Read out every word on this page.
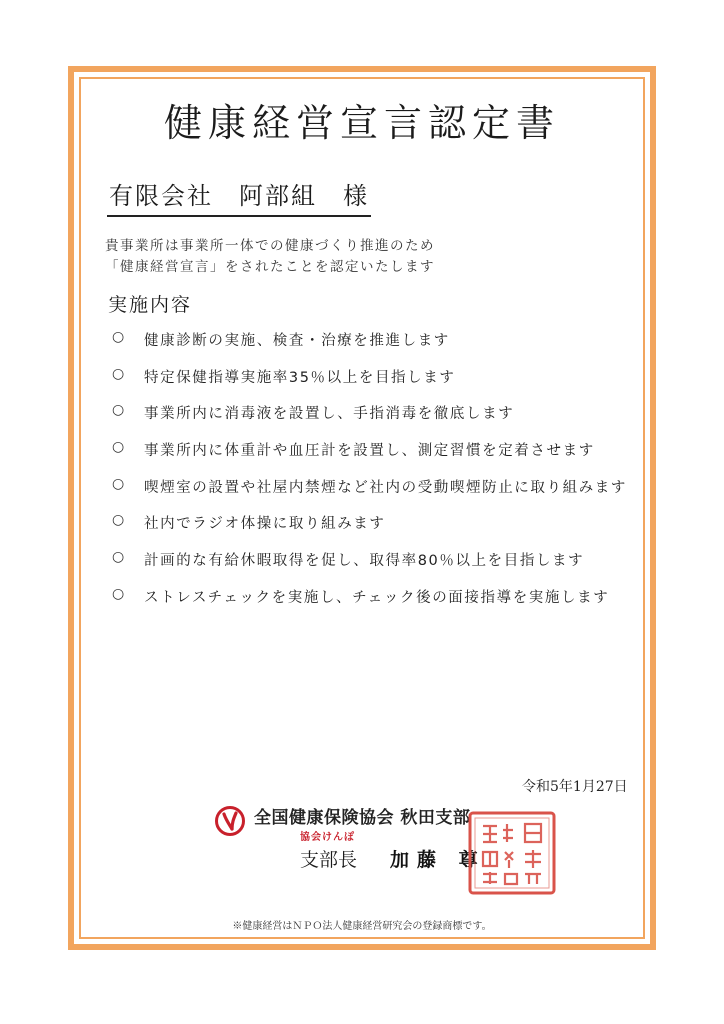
健康経営宣言認定書
有限会社　阿部組　様
貴事業所は事業所一体での健康づくり推進のため
「健康経営宣言」をされたことを認定いたします
実施内容
○ 健康診断の実施、検査・治療を推進します
○ 特定保健指導実施率35％以上を目指します
○ 事業所内に消毒液を設置し、手指消毒を徹底します
○ 事業所内に体重計や血圧計を設置し、測定習慣を定着させます
○ 喫煙室の設置や社屋内禁煙など社内の受動喫煙防止に取り組みます
○ 社内でラジオ体操に取り組みます
○ 計画的な有給休暇取得を促し、取得率80％以上を目指します
○ ストレスチェックを実施し、チェック後の面接指導を実施します
令和5年1月27日
全国健康保険協会 秋田支部
協会けんぽ
支部長 加藤 尊
※健康経営はＮＰＯ法人健康経営研究会の登録商標です。
